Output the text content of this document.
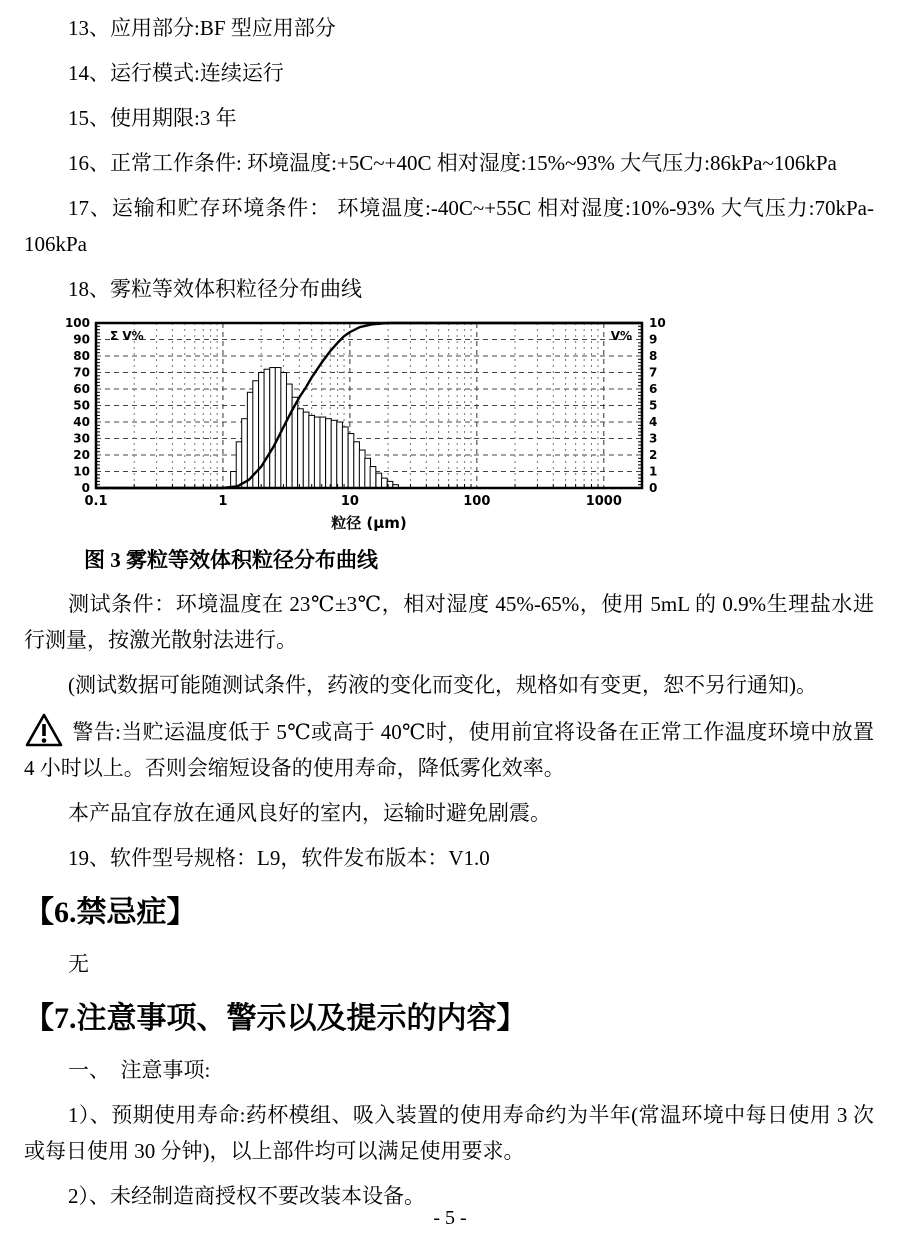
13、应用部分:BF 型应用部分

14、运行模式:连续运行

15、使用期限:3 年

16、正常工作条件: 环境温度:+5C~+40C 相对湿度:15%~93% 大气压力:86kPa~106kPa

17、运输和贮存环境条件： 环境温度:-40C~+55C 相对湿度:10%-93% 大气压力:70kPa-106kPa

18、雾粒等效体积粒径分布曲线

0
10
20
30
40
50
60
70
80
90
100
0
1
2
3
4
5
6
7
8
9
10
0.1	1	10	100	1000
Σ V%	V%
粒径 (μm)
图 3 雾粒等效体积粒径分布曲线

测试条件：环境温度在 23℃±3℃，相对湿度 45%-65%，使用 5mL 的 0.9%生理盐水进行测量，按激光散射法进行。

(测试数据可能随测试条件，药液的变化而变化，规格如有变更，恕不另行通知)。

警告:当贮运温度低于 5℃或高于 40℃时，使用前宜将设备在正常工作温度环境中放置 4 小时以上。否则会缩短设备的使用寿命，降低雾化效率。

本产品宜存放在通风良好的室内，运输时避免剧震。

19、软件型号规格：L9，软件发布版本：V1.0

【6.禁忌症】

无

【7.注意事项、警示以及提示的内容】

一、　注意事项:

1）、预期使用寿命:药杯模组、吸入装置的使用寿命约为半年(常温环境中每日使用 3 次或每日使用 30 分钟)，以上部件均可以满足使用要求。

2）、未经制造商授权不要改装本设备。

- 5 -
